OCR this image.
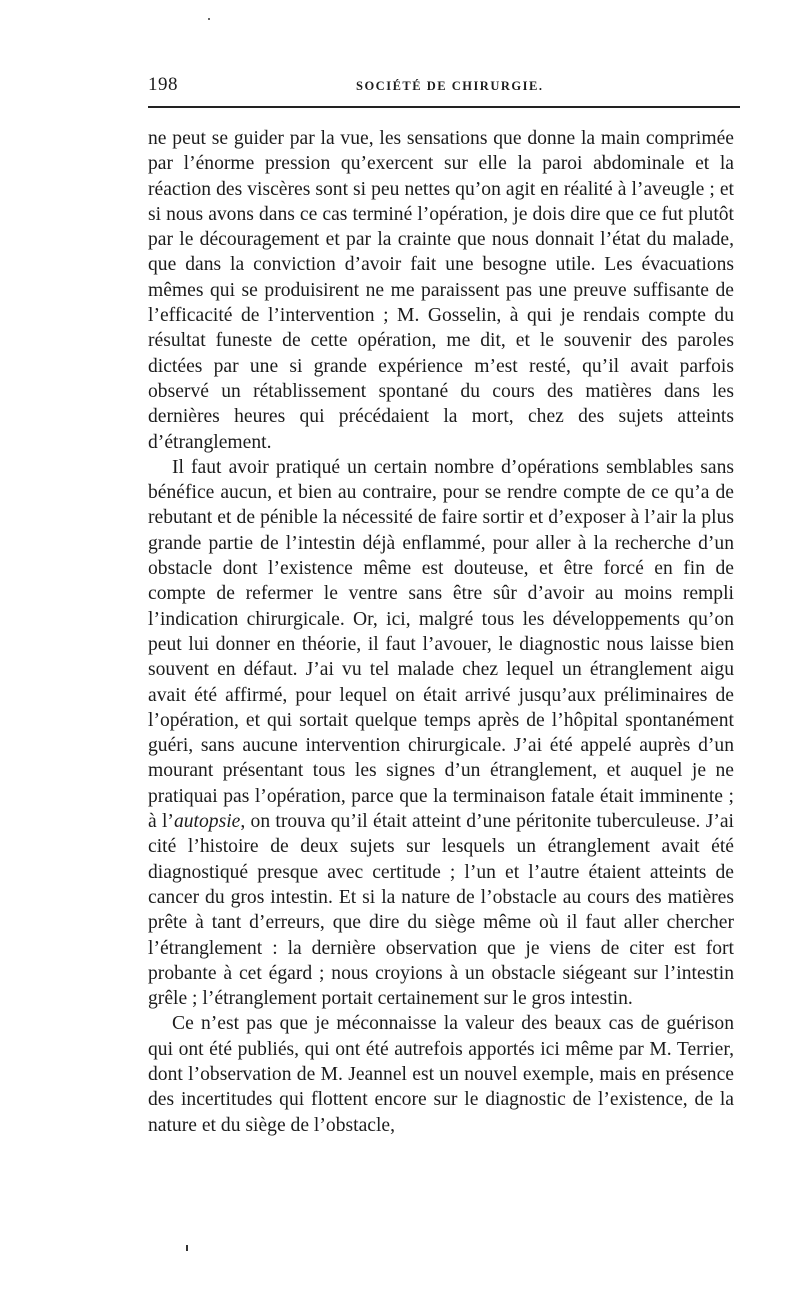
198	SOCIÉTÉ DE CHIRURGIE.

ne peut se guider par la vue, les sensations que donne la main comprimée par l’énorme pression qu’exercent sur elle la paroi abdominale et la réaction des viscères sont si peu nettes qu’on agit en réalité à l’aveugle ; et si nous avons dans ce cas terminé l’opération, je dois dire que ce fut plutôt par le découragement et par la crainte que nous donnait l’état du malade, que dans la conviction d’avoir fait une besogne utile. Les évacuations mêmes qui se produisirent ne me paraissent pas une preuve suffisante de l’efficacité de l’intervention ; M. Gosselin, à qui je rendais compte du résultat funeste de cette opération, me dit, et le souvenir des paroles dictées par une si grande expérience m’est resté, qu’il avait parfois observé un rétablissement spontané du cours des matières dans les dernières heures qui précédaient la mort, chez des sujets atteints d’étranglement.

Il faut avoir pratiqué un certain nombre d’opérations semblables sans bénéfice aucun, et bien au contraire, pour se rendre compte de ce qu’a de rebutant et de pénible la nécessité de faire sortir et d’exposer à l’air la plus grande partie de l’intestin déjà enflammé, pour aller à la recherche d’un obstacle dont l’existence même est douteuse, et être forcé en fin de compte de refermer le ventre sans être sûr d’avoir au moins rempli l’indication chirurgicale. Or, ici, malgré tous les développements qu’on peut lui donner en théorie, il faut l’avouer, le diagnostic nous laisse bien souvent en défaut. J’ai vu tel malade chez lequel un étranglement aigu avait été affirmé, pour lequel on était arrivé jusqu’aux préliminaires de l’opération, et qui sortait quelque temps après de l’hôpital spontanément guéri, sans aucune intervention chirurgicale. J’ai été appelé auprès d’un mourant présentant tous les signes d’un étranglement, et auquel je ne pratiquai pas l’opération, parce que la terminaison fatale était imminente ; à l’autopsie, on trouva qu’il était atteint d’une péritonite tuberculeuse. J’ai cité l’histoire de deux sujets sur lesquels un étranglement avait été diagnostiqué presque avec certitude ; l’un et l’autre étaient atteints de cancer du gros intestin. Et si la nature de l’obstacle au cours des matières prête à tant d’erreurs, que dire du siège même où il faut aller chercher l’étranglement : la dernière observation que je viens de citer est fort probante à cet égard ; nous croyions à un obstacle siégeant sur l’intestin grêle ; l’étranglement portait certainement sur le gros intestin.

Ce n’est pas que je méconnaisse la valeur des beaux cas de guérison qui ont été publiés, qui ont été autrefois apportés ici même par M. Terrier, dont l’observation de M. Jeannel est un nouvel exemple, mais en présence des incertitudes qui flottent encore sur le diagnostic de l’existence, de la nature et du siège de l’obstacle,
